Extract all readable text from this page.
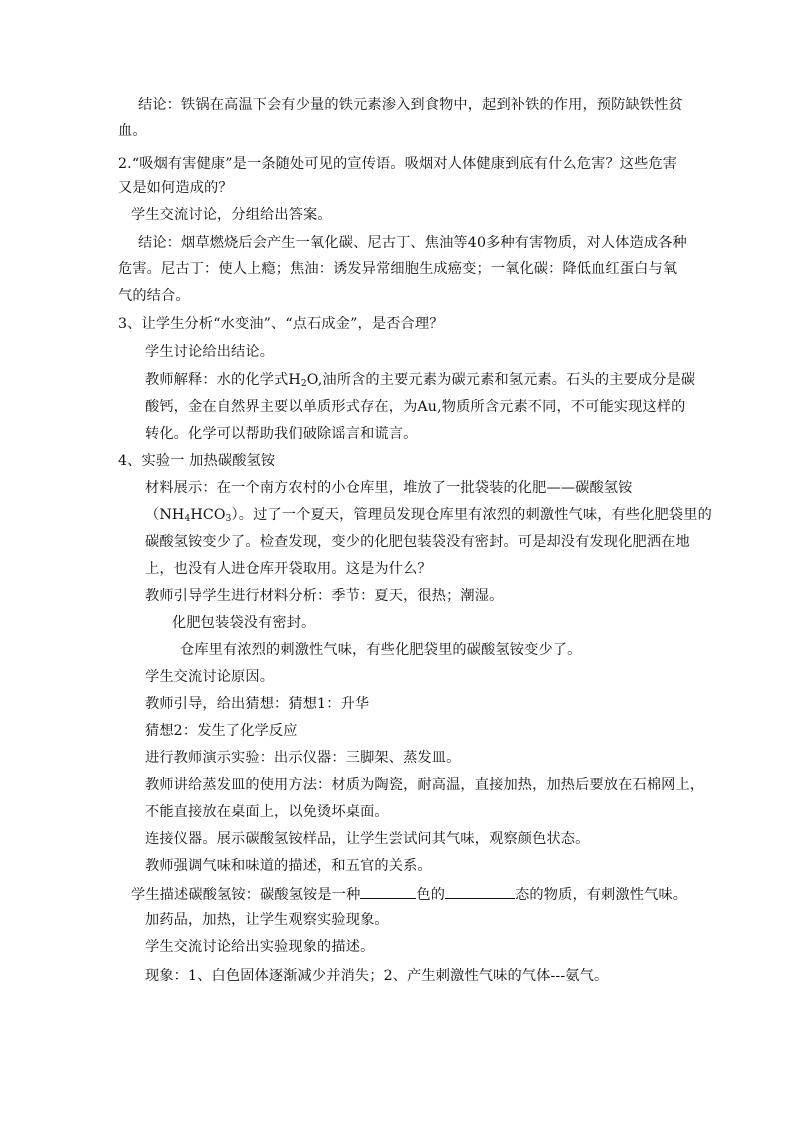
结论：铁锅在高温下会有少量的铁元素渗入到食物中，起到补铁的作用，预防缺铁性贫
血。
2.“吸烟有害健康”是一条随处可见的宣传语。吸烟对人体健康到底有什么危害？这些危害
又是如何造成的？
学生交流讨论，分组给出答案。
结论：烟草燃烧后会产生一氧化碳、尼古丁、焦油等40多种有害物质，对人体造成各种
危害。尼古丁：使人上瘾；焦油：诱发异常细胞生成癌变；一氧化碳：降低血红蛋白与氧
气的结合。
3、让学生分析“水变油”、“点石成金”，是否合理？
学生讨论给出结论。
教师解释：水的化学式$H_2O$,油所含的主要元素为碳元素和氢元素。石头的主要成分是碳
酸钙，金在自然界主要以单质形式存在，为Au,物质所含元素不同，不可能实现这样的
转化。化学可以帮助我们破除谣言和谎言。
4、实验一 加热碳酸氢铵
材料展示：在一个南方农村的小仓库里，堆放了一批袋装的化肥——碳酸氢铵
$(NH_4HCO_3)$。过了一个夏天，管理员发现仓库里有浓烈的刺激性气味，有些化肥袋里的
碳酸氢铵变少了。检查发现，变少的化肥包装袋没有密封。可是却没有发现化肥洒在地
上，也没有人进仓库开袋取用。这是为什么？
教师引导学生进行材料分析：季节：夏天，很热；潮湿。
化肥包装袋没有密封。
仓库里有浓烈的刺激性气味，有些化肥袋里的碳酸氢铵变少了。
学生交流讨论原因。
教师引导，给出猜想：猜想1：升华
猜想2：发生了化学反应
进行教师演示实验：出示仪器：三脚架、蒸发皿。
教师讲给蒸发皿的使用方法：材质为陶瓷，耐高温，直接加热，加热后要放在石棉网上，
不能直接放在桌面上，以免烫坏桌面。
连接仪器。展示碳酸氢铵样品，让学生尝试问其气味，观察颜色状态。
教师强调气味和味道的描述，和五官的关系。
学生描述碳酸氢铵：碳酸氢铵是一种	色的	态的物质，有刺激性气味。
加药品，加热，让学生观察实验现象。
学生交流讨论给出实验现象的描述。
现象：1、白色固体逐渐减少并消失；2、产生刺激性气味的气体---氨气。
